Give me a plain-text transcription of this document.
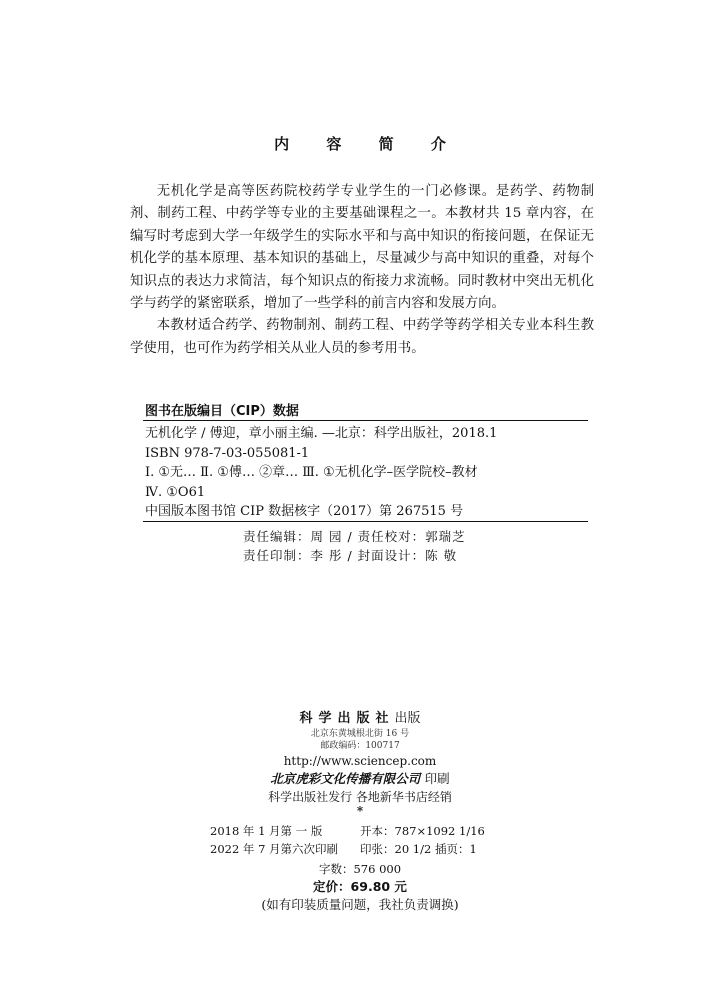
内 容 简 介

无机化学是高等医药院校药学专业学生的一门必修课。是药学、药物制剂、制药工程、中药学等专业的主要基础课程之一。本教材共 15 章内容，在编写时考虑到大学一年级学生的实际水平和与高中知识的衔接问题，在保证无机化学的基本原理、基本知识的基础上，尽量减少与高中知识的重叠，对每个知识点的表达力求简洁，每个知识点的衔接力求流畅。同时教材中突出无机化学与药学的紧密联系，增加了一些学科的前言内容和发展方向。

本教材适合药学、药物制剂、制药工程、中药学等药学相关专业本科生教学使用，也可作为药学相关从业人员的参考用书。

图书在版编目（CIP）数据
无机化学 / 傅迎，章小丽主编. —北京：科学出版社，2018.1
ISBN 978-7-03-055081-1
Ⅰ. ①无… Ⅱ. ①傅… ②章… Ⅲ. ①无机化学–医学院校–教材
Ⅳ. ①O61
中国版本图书馆 CIP 数据核字（2017）第 267515 号
责任编辑：周 园 / 责任校对：郭瑞芝
责任印制：李 彤 / 封面设计：陈 敬
科学出版社出版
北京东黄城根北街 16 号
邮政编码：100717
http://www.sciencep.com
北京虎彩文化传播有限公司 印刷
科学出版社发行 各地新华书店经销
*
2018 年 1 月第 一 版	开本：787×1092 1/16
2022 年 7 月第六次印刷 印张：20 1/2 插页：1
字数：576 000
定价：69.80 元
(如有印装质量问题，我社负责调换)
